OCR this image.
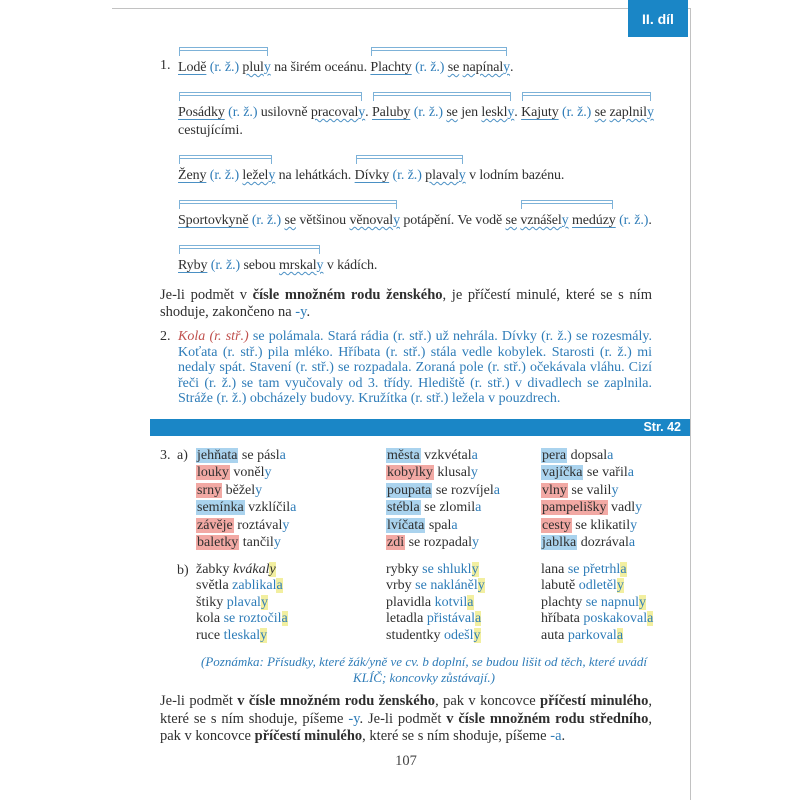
II. díl
1. Lodě (r. ž.) pluly na širém oceánu.
Plachty (r. ž.) se napínaly.
Posádky (r. ž.) usilovně pracovaly.
Paluby (r. ž.) se jen leskly.
Kajuty (r. ž.) se zaplnily
cestujícími.
Ženy (r. ž.) ležely na lehátkách.
Dívky (r. ž.) plavaly v lodním bazénu.
Sportovkyně (r. ž.) se většinou věnovaly potápění. Ve vodě se vznášely medúzy (r. ž.).
Ryby (r. ž.) sebou mrskaly v kádích.
Je-li podmět v čísle množném rodu ženského, je příčestí minulé, které se s ním shoduje, zakončeno na -y.
2. Kola (r. stř.) se polámala. Stará rádia (r. stř.) už nehrála. Dívky (r. ž.) se rozesmály. Koťata (r. stř.) pila mléko. Hříbata (r. stř.) stála vedle kobylek. Starosti (r. ž.) mi nedaly spát. Stavení (r. stř.) se rozpadala. Zoraná pole (r. stř.) očekávala vláhu. Cizí řeči (r. ž.) se tam vyučovaly od 3. třídy. Hlediště (r. stř.) v divadlech se zaplnila. Stráže (r. ž.) obcházely budovy. Kružítka (r. stř.) ležela v pouzdrech.
Str. 42
3. a) jehňata se pásla
louky voněly
srny běžely
semínka vzklíčila
závěje roztávaly
baletky tančily
města vzkvétala
kobylky klusaly
poupata se rozvíjela
stébla se zlomila
lvíčata spala
zdi se rozpadaly
pera dopsala
vajíčka se vařila
vlny se valily
pampelišky vadly
cesty se klikatily
jablka dozrávala
b) žabky kvákaly
světla zablikala
štiky plavaly
kola se roztočila
ruce tleskaly
rybky se shlukly
vrby se nakláněly
plavidla kotvila
letadla přistávala
studentky odešly
lana se přetrhla
labutě odletěly
plachty se napnuly
hříbata poskakovala
auta parkovala
(Poznámka: Přísudky, které žák/yně ve cv. b doplní, se budou lišit od těch, které uvádí KLÍČ; koncovky zůstávají.)
Je-li podmět v čísle množném rodu ženského, pak v koncovce příčestí minulého, které se s ním shoduje, píšeme -y. Je-li podmět v čísle množném rodu středního, pak v koncovce příčestí minulého, které se s ním shoduje, píšeme -a.
107
